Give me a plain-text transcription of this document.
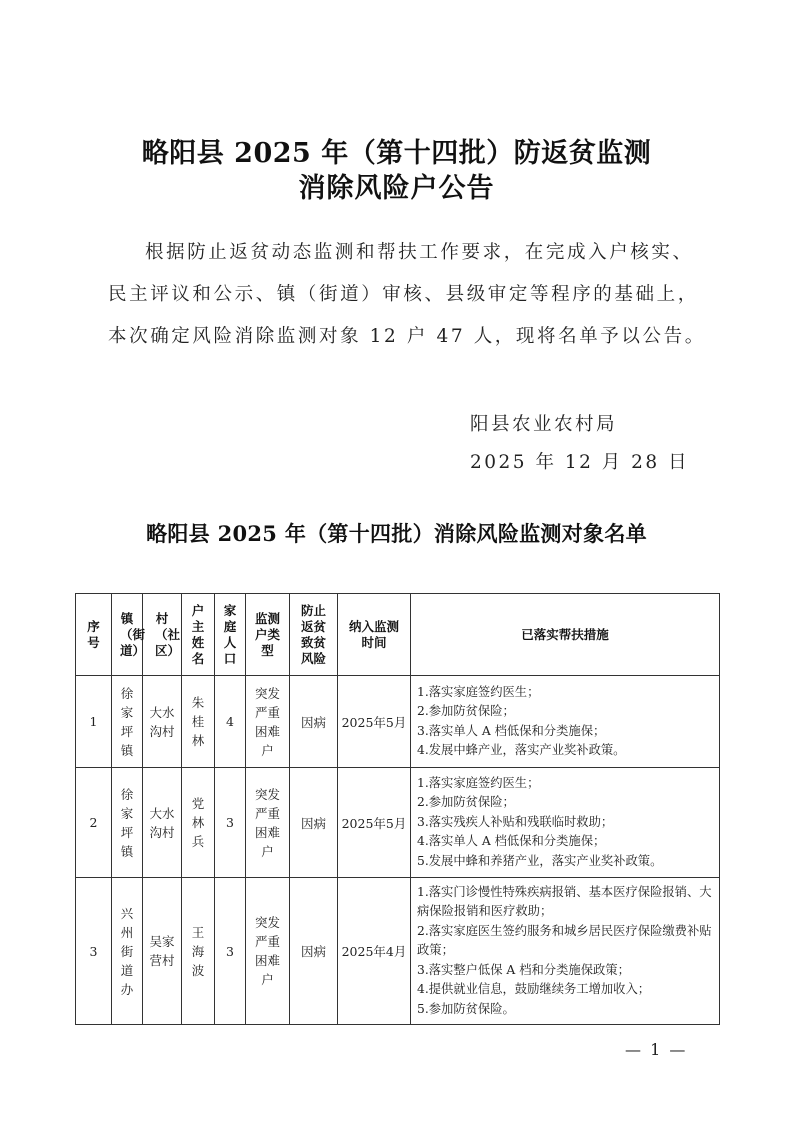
略阳县 2025 年（第十四批）防返贫监测
消除风险户公告
根据防止返贫动态监测和帮扶工作要求，在完成入户核实、
民主评议和公示、镇（街道）审核、县级审定等程序的基础上，
本次确定风险消除监测对象 12 户 47 人，现将名单予以公告。
阳县农业农村局
2025 年 12 月 28 日
略阳县 2025 年（第十四批）消除风险监测对象名单
序号	镇（街道）	村（社区）	户主姓名	家庭人口	监测户类型	防止返贫致贫风险	纳入监测时间	已落实帮扶措施
1	徐家坪镇	大水沟村	朱桂林	4	突发严重困难户	因病	2025年5月	1.落实家庭签约医生；
2.参加防贫保险；
3.落实单人 A 档低保和分类施保；
4.发展中蜂产业，落实产业奖补政策。

2	徐家坪镇	大水沟村	党林兵	3	突发严重困难户	因病	2025年5月	1.落实家庭签约医生；
2.参加防贫保险；
3.落实残疾人补贴和残联临时救助；
4.落实单人 A 档低保和分类施保；
5.发展中蜂和养猪产业，落实产业奖补政策。

3	兴州街道办	吴家营村	王海波	3	突发严重困难户	因病	2025年4月	1.落实门诊慢性特殊疾病报销、基本医疗保险报销、大病保险报销和医疗救助；
2.落实家庭医生签约服务和城乡居民医疗保险缴费补贴政策；
3.落实整户低保 A 档和分类施保政策；
4.提供就业信息，鼓励继续务工增加收入；
5.参加防贫保险。
— 1 —
